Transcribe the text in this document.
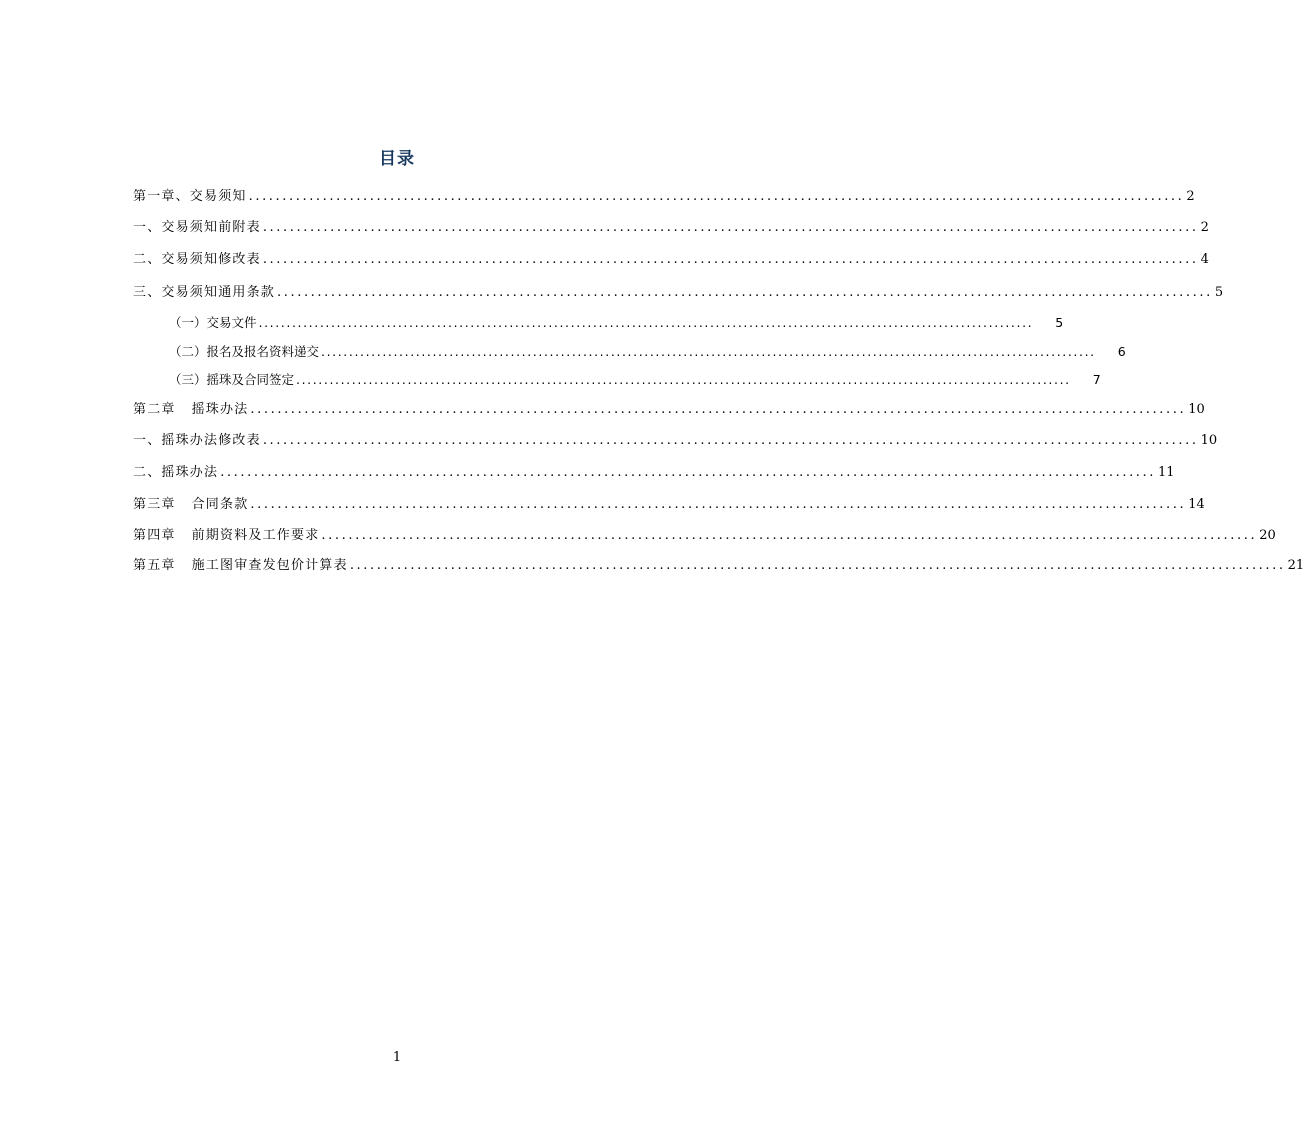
目录
第一章、交易须知 ........................................................................................................................................... 2
一、交易须知前附表 ........................................................................................................................................... 2
二、交易须知修改表 ........................................................................................................................................... 4
三、交易须知通用条款 ........................................................................................................................................... 5
（一）交易文件 ...........................................................................................................................................	5
（二）报名及报名资料递交 ...........................................................................................................................................	6
（三）摇珠及合同签定 ...........................................................................................................................................	7
第二章   摇珠办法 ........................................................................................................................................... 10
一、摇珠办法修改表 ........................................................................................................................................... 10
二、摇珠办法 ........................................................................................................................................... 11
第三章   合同条款 ........................................................................................................................................... 14
第四章   前期资料及工作要求 ........................................................................................................................................... 20
第五章   施工图审查发包价计算表 ........................................................................................................................................... 21
1
